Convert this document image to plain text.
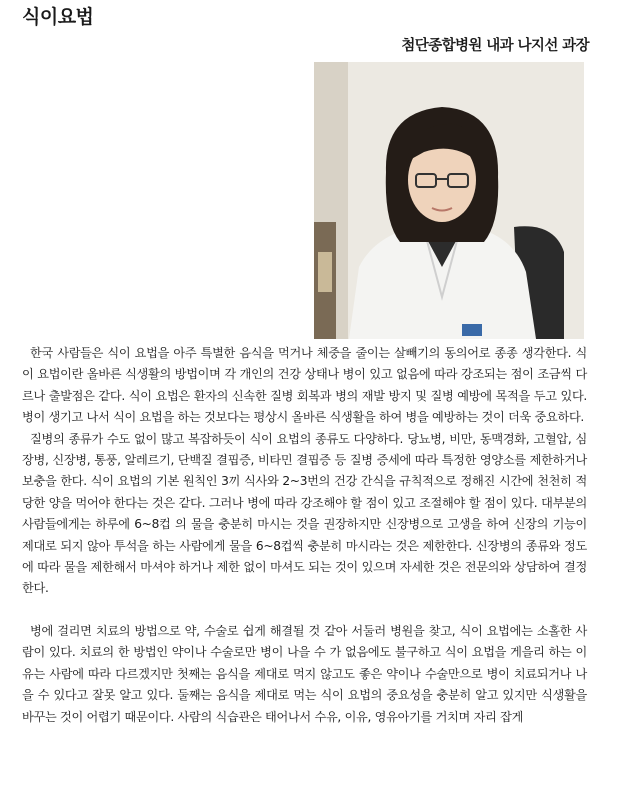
식이요법
첨단종합병원 내과 나지선 과장

한국 사람들은 식이 요법을 아주 특별한 음식을 먹거나 체중을 줄이는 살빼기의 동의어로 종종 생각한다. 식이 요법이란 올바른 식생활의 방법이며 각 개인의 건강 상태나 병이 있고 없음에 따라 강조되는 점이 조금씩 다르나 출발점은 같다. 식이 요법은 환자의 신속한 질병 회복과 병의 재발 방지 및 질병 예방에 목적을 두고 있다. 병이 생기고 나서 식이 요법을 하는 것보다는 평상시 올바른 식생활을 하여 병을 예방하는 것이 더욱 중요하다.

질병의 종류가 수도 없이 많고 복잡하듯이 식이 요법의 종류도 다양하다. 당뇨병, 비만, 동맥경화, 고혈압, 심장병, 신장병, 통풍, 알레르기, 단백질 결핍증, 비타민 결핍증 등 질병 증세에 따라 특정한 영양소를 제한하거나 보충을 한다. 식이 요법의 기본 원칙인 3끼 식사와 2~3번의 건강 간식을 규칙적으로 정해진 시간에 천천히 적당한 양을 먹어야 한다는 것은 같다. 그러나 병에 따라 강조해야 할 점이 있고 조절해야 할 점이 있다. 대부분의 사람들에게는 하루에 6~8컵 의 물을 충분히 마시는 것을 권장하지만 신장병으로 고생을 하여 신장의 기능이 제대로 되지 않아 투석을 하는 사람에게 물을 6~8컵씩 충분히 마시라는 것은 제한한다. 신장병의 종류와 정도에 따라 물을 제한해서 마셔야 하거나 제한 없이 마셔도 되는 것이 있으며 자세한 것은 전문의와 상담하여 결정한다.

병에 걸리면 치료의 방법으로 약, 수술로 쉽게 해결될 것 같아 서둘러 병원을 찾고, 식이 요법에는 소홀한 사람이 있다. 치료의 한 방법인 약이나 수술로만 병이 나을 수 가 없음에도 불구하고 식이 요법을 게을리 하는 이유는 사람에 따라 다르겠지만 첫째는 음식을 제대로 먹지 않고도 좋은 약이나 수술만으로 병이 치료되거나 나을 수 있다고 잘못 알고 있다. 둘째는 음식을 제대로 먹는 식이 요법의 중요성을 충분히 알고 있지만 식생활을 바꾸는 것이 어렵기 때문이다. 사람의 식습관은 태어나서 수유, 이유, 영유아기를 거치며 자리 잡게
